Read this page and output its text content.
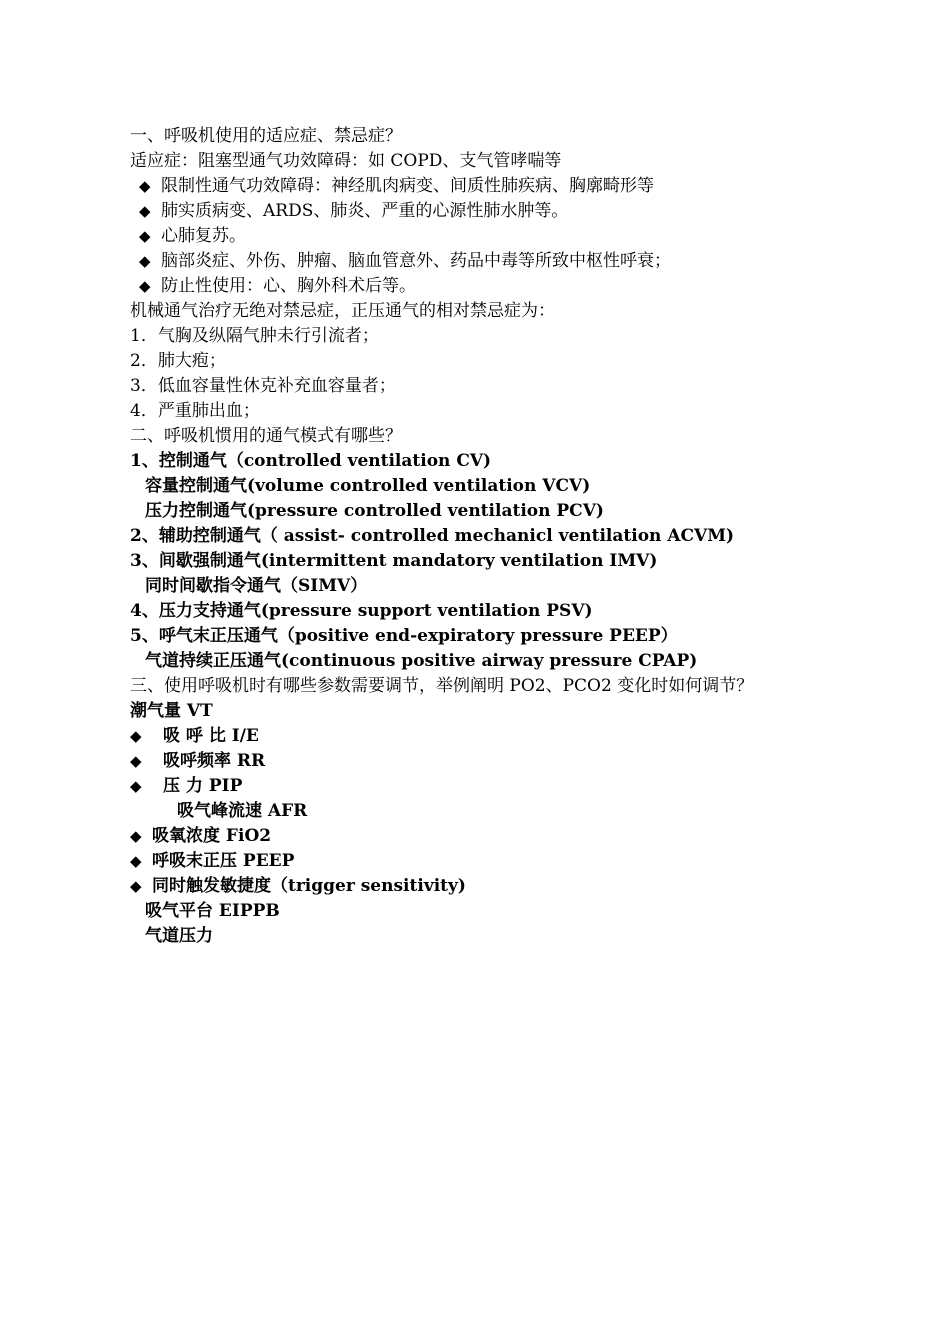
一、呼吸机使用的适应症、禁忌症？
适应症：阻塞型通气功效障碍：如 COPD、支气管哮喘等
◆ 限制性通气功效障碍：神经肌肉病变、间质性肺疾病、胸廓畸形等
◆ 肺实质病变、ARDS、肺炎、严重的心源性肺水肿等。
◆ 心肺复苏。
◆ 脑部炎症、外伤、肿瘤、脑血管意外、药品中毒等所致中枢性呼衰；
◆ 防止性使用：心、胸外科术后等。
机械通气治疗无绝对禁忌症，正压通气的相对禁忌症为：
1．气胸及纵隔气肿未行引流者；
2．肺大疱；
3．低血容量性休克补充血容量者；
4．严重肺出血；
二、呼吸机惯用的通气模式有哪些？
1、控制通气（controlled ventilation CV)
容量控制通气(volume controlled ventilation VCV)
压力控制通气(pressure controlled ventilation PCV)
2、辅助控制通气（ assist- controlled mechanicl ventilation ACVM)
3、间歇强制通气(intermittent mandatory ventilation IMV)
同时间歇指令通气（SIMV）
4、压力支持通气(pressure support ventilation PSV)
5、呼气末正压通气（positive end-expiratory pressure PEEP）
气道持续正压通气(continuous positive airway pressure CPAP)
三、使用呼吸机时有哪些参数需要调节，举例阐明 PO2、PCO2 变化时如何调节？
潮气量 VT
◆ 吸 呼 比 I/E
◆ 吸呼频率 RR
◆ 压 力 PIP
吸气峰流速 AFR
◆ 吸氧浓度 FiO2
◆ 呼吸末正压 PEEP
◆ 同时触发敏捷度（trigger sensitivity)
吸气平台 EIPPB
气道压力
